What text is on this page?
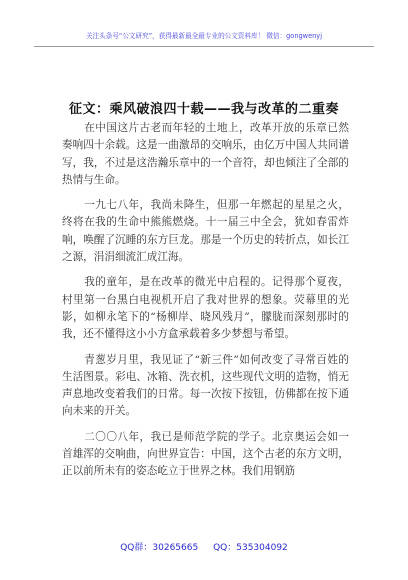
关注头条号“公文研究”，获得最新最全最专业的公文资料库！ 微信：gongwenyj
征文：乘风破浪四十载——我与改革的二重奏

在中国这片古老而年轻的土地上，改革开放的乐章已然奏响四十余载。这是一曲激昂的交响乐，由亿万中国人共同谱写，我，不过是这浩瀚乐章中的一个音符，却也倾注了全部的热情与生命。

一九七八年，我尚未降生，但那一年燃起的星星之火，终将在我的生命中熊熊燃烧。十一届三中全会，犹如春雷炸响，唤醒了沉睡的东方巨龙。那是一个历史的转折点，如长江之源，涓涓细流汇成江海。

我的童年，是在改革的微光中启程的。记得那个夏夜，村里第一台黑白电视机开启了我对世界的想象。荧幕里的光影，如柳永笔下的“杨柳岸、晓风残月”，朦胧而深刻那时的我，还不懂得这小小方盒承载着多少梦想与希望。

青葱岁月里，我见证了“新三件”如何改变了寻常百姓的生活图景。彩电、冰箱、洗衣机，这些现代文明的造物，悄无声息地改变着我们的日常。每一次按下按钮，仿佛都在按下通向未来的开关。

二〇〇八年，我已是师范学院的学子。北京奥运会如一首雄浑的交响曲，向世界宣告：中国，这个古老的东方文明，正以前所未有的姿态屹立于世界之林。我们用钢筋

QQ群：30265665 QQ：535304092
